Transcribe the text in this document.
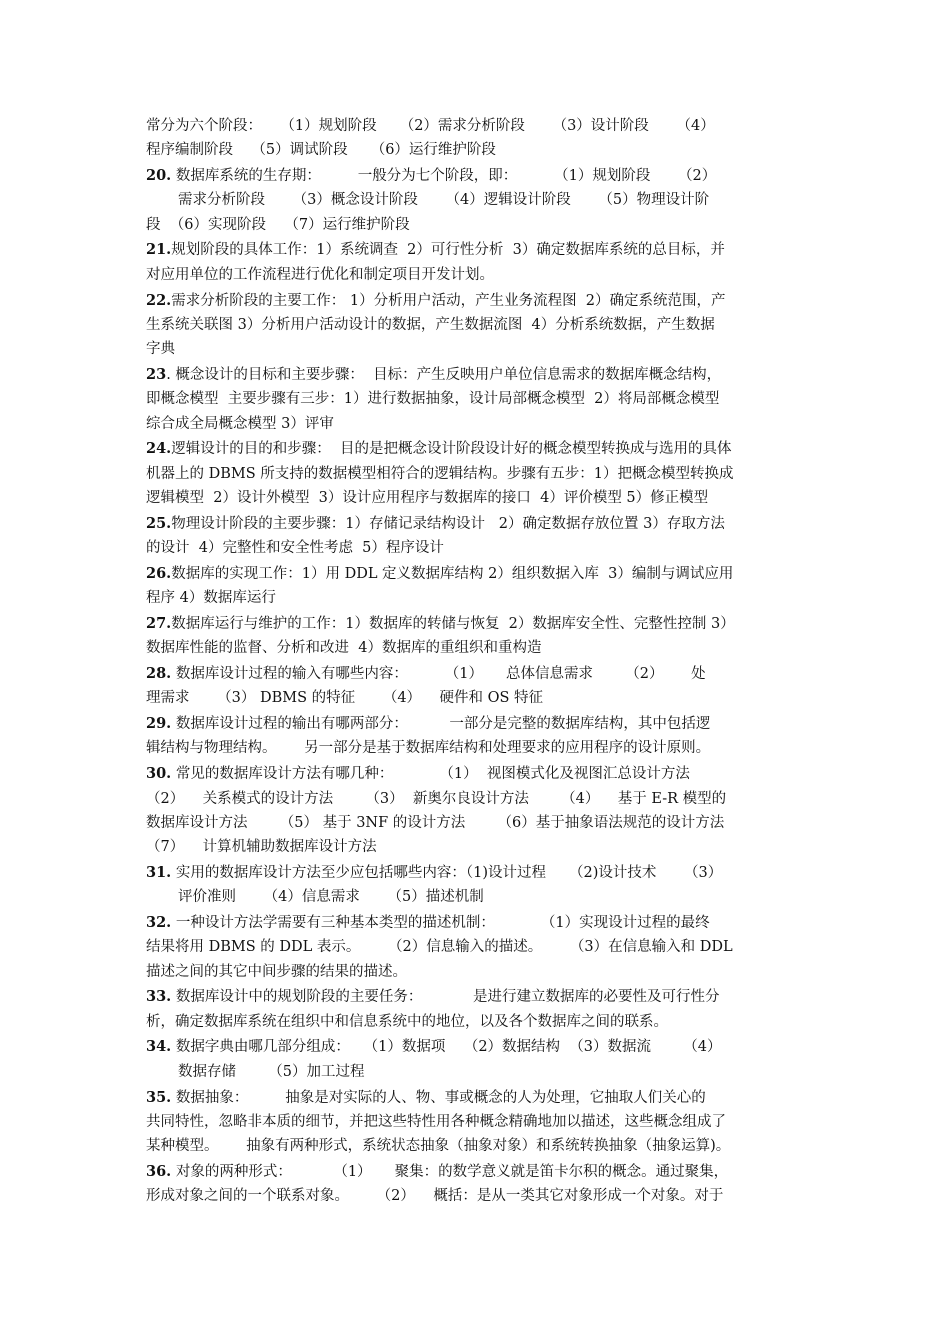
常分为六个阶段：    （1）规划阶段     （2）需求分析阶段      （3）设计阶段      （4）
程序编制阶段    （5）调试阶段     （6）运行维护阶段
20. 数据库系统的生存期：        一般分为七个阶段，即：        （1）规划阶段      （2）
需求分析阶段      （3）概念设计阶段      （4）逻辑设计阶段      （5）物理设计阶
段  （6）实现阶段    （7）运行维护阶段
21.规划阶段的具体工作：1）系统调查  2）可行性分析  3）确定数据库系统的总目标，并
对应用单位的工作流程进行优化和制定项目开发计划。
22.需求分析阶段的主要工作： 1）分析用户活动，产生业务流程图  2）确定系统范围，产
生系统关联图 3）分析用户活动设计的数据，产生数据流图  4）分析系统数据，产生数据
字典
23. 概念设计的目标和主要步骤：  目标：产生反映用户单位信息需求的数据库概念结构，
即概念模型  主要步骤有三步：1）进行数据抽象，设计局部概念模型  2）将局部概念模型
综合成全局概念模型 3）评审
24.逻辑设计的目的和步骤：  目的是把概念设计阶段设计好的概念模型转换成与选用的具体
机器上的 DBMS 所支持的数据模型相符合的逻辑结构。步骤有五步：1）把概念模型转换成
逻辑模型  2）设计外模型  3）设计应用程序与数据库的接口  4）评价模型 5）修正模型
25.物理设计阶段的主要步骤：1）存储记录结构设计   2）确定数据存放位置 3）存取方法
的设计  4）完整性和安全性考虑  5）程序设计
26.数据库的实现工作：1）用 DDL 定义数据库结构 2）组织数据入库  3）编制与调试应用
程序 4）数据库运行
27.数据库运行与维护的工作：1）数据库的转储与恢复  2）数据库安全性、完整性控制 3）
数据库性能的监督、分析和改进  4）数据库的重组织和重构造
28. 数据库设计过程的输入有哪些内容：        （1）     总体信息需求       （2）      处
理需求      （3） DBMS 的特征      （4）    硬件和 OS 特征
29. 数据库设计过程的输出有哪两部分：         一部分是完整的数据库结构，其中包括逻
辑结构与物理结构。      另一部分是基于数据库结构和处理要求的应用程序的设计原则。
30. 常见的数据库设计方法有哪几种：          （1）  视图模式化及视图汇总设计方法
（2）    关系模式的设计方法       （3）  新奥尔良设计方法       （4）    基于 E-R 模型的
数据库设计方法       （5） 基于 3NF 的设计方法       （6）基于抽象语法规范的设计方法
（7）    计算机辅助数据库设计方法
31. 实用的数据库设计方法至少应包括哪些内容：（1)设计过程     （2)设计技术      （3）
评价准则      （4）信息需求      （5）描述机制
32. 一种设计方法学需要有三种基本类型的描述机制：          （1）实现设计过程的最终
结果将用 DBMS 的 DDL 表示。      （2）信息输入的描述。      （3）在信息输入和 DDL
描述之间的其它中间步骤的结果的描述。
33. 数据库设计中的规划阶段的主要任务：           是进行建立数据库的必要性及可行性分
析，确定数据库系统在组织中和信息系统中的地位，以及各个数据库之间的联系。
34. 数据字典由哪几部分组成：   （1）数据项    （2）数据结构  （3）数据流       （4）
数据存储       （5）加工过程
35. 数据抽象：        抽象是对实际的人、物、事或概念的人为处理，它抽取人们关心的
共同特性，忽略非本质的细节，并把这些特性用各种概念精确地加以描述，这些概念组成了
某种模型。      抽象有两种形式，系统状态抽象（抽象对象）和系统转换抽象（抽象运算)。
36. 对象的两种形式：         （1）     聚集：的数学意义就是笛卡尔积的概念。通过聚集，
形成对象之间的一个联系对象。      （2）    概括：是从一类其它对象形成一个对象。对于
